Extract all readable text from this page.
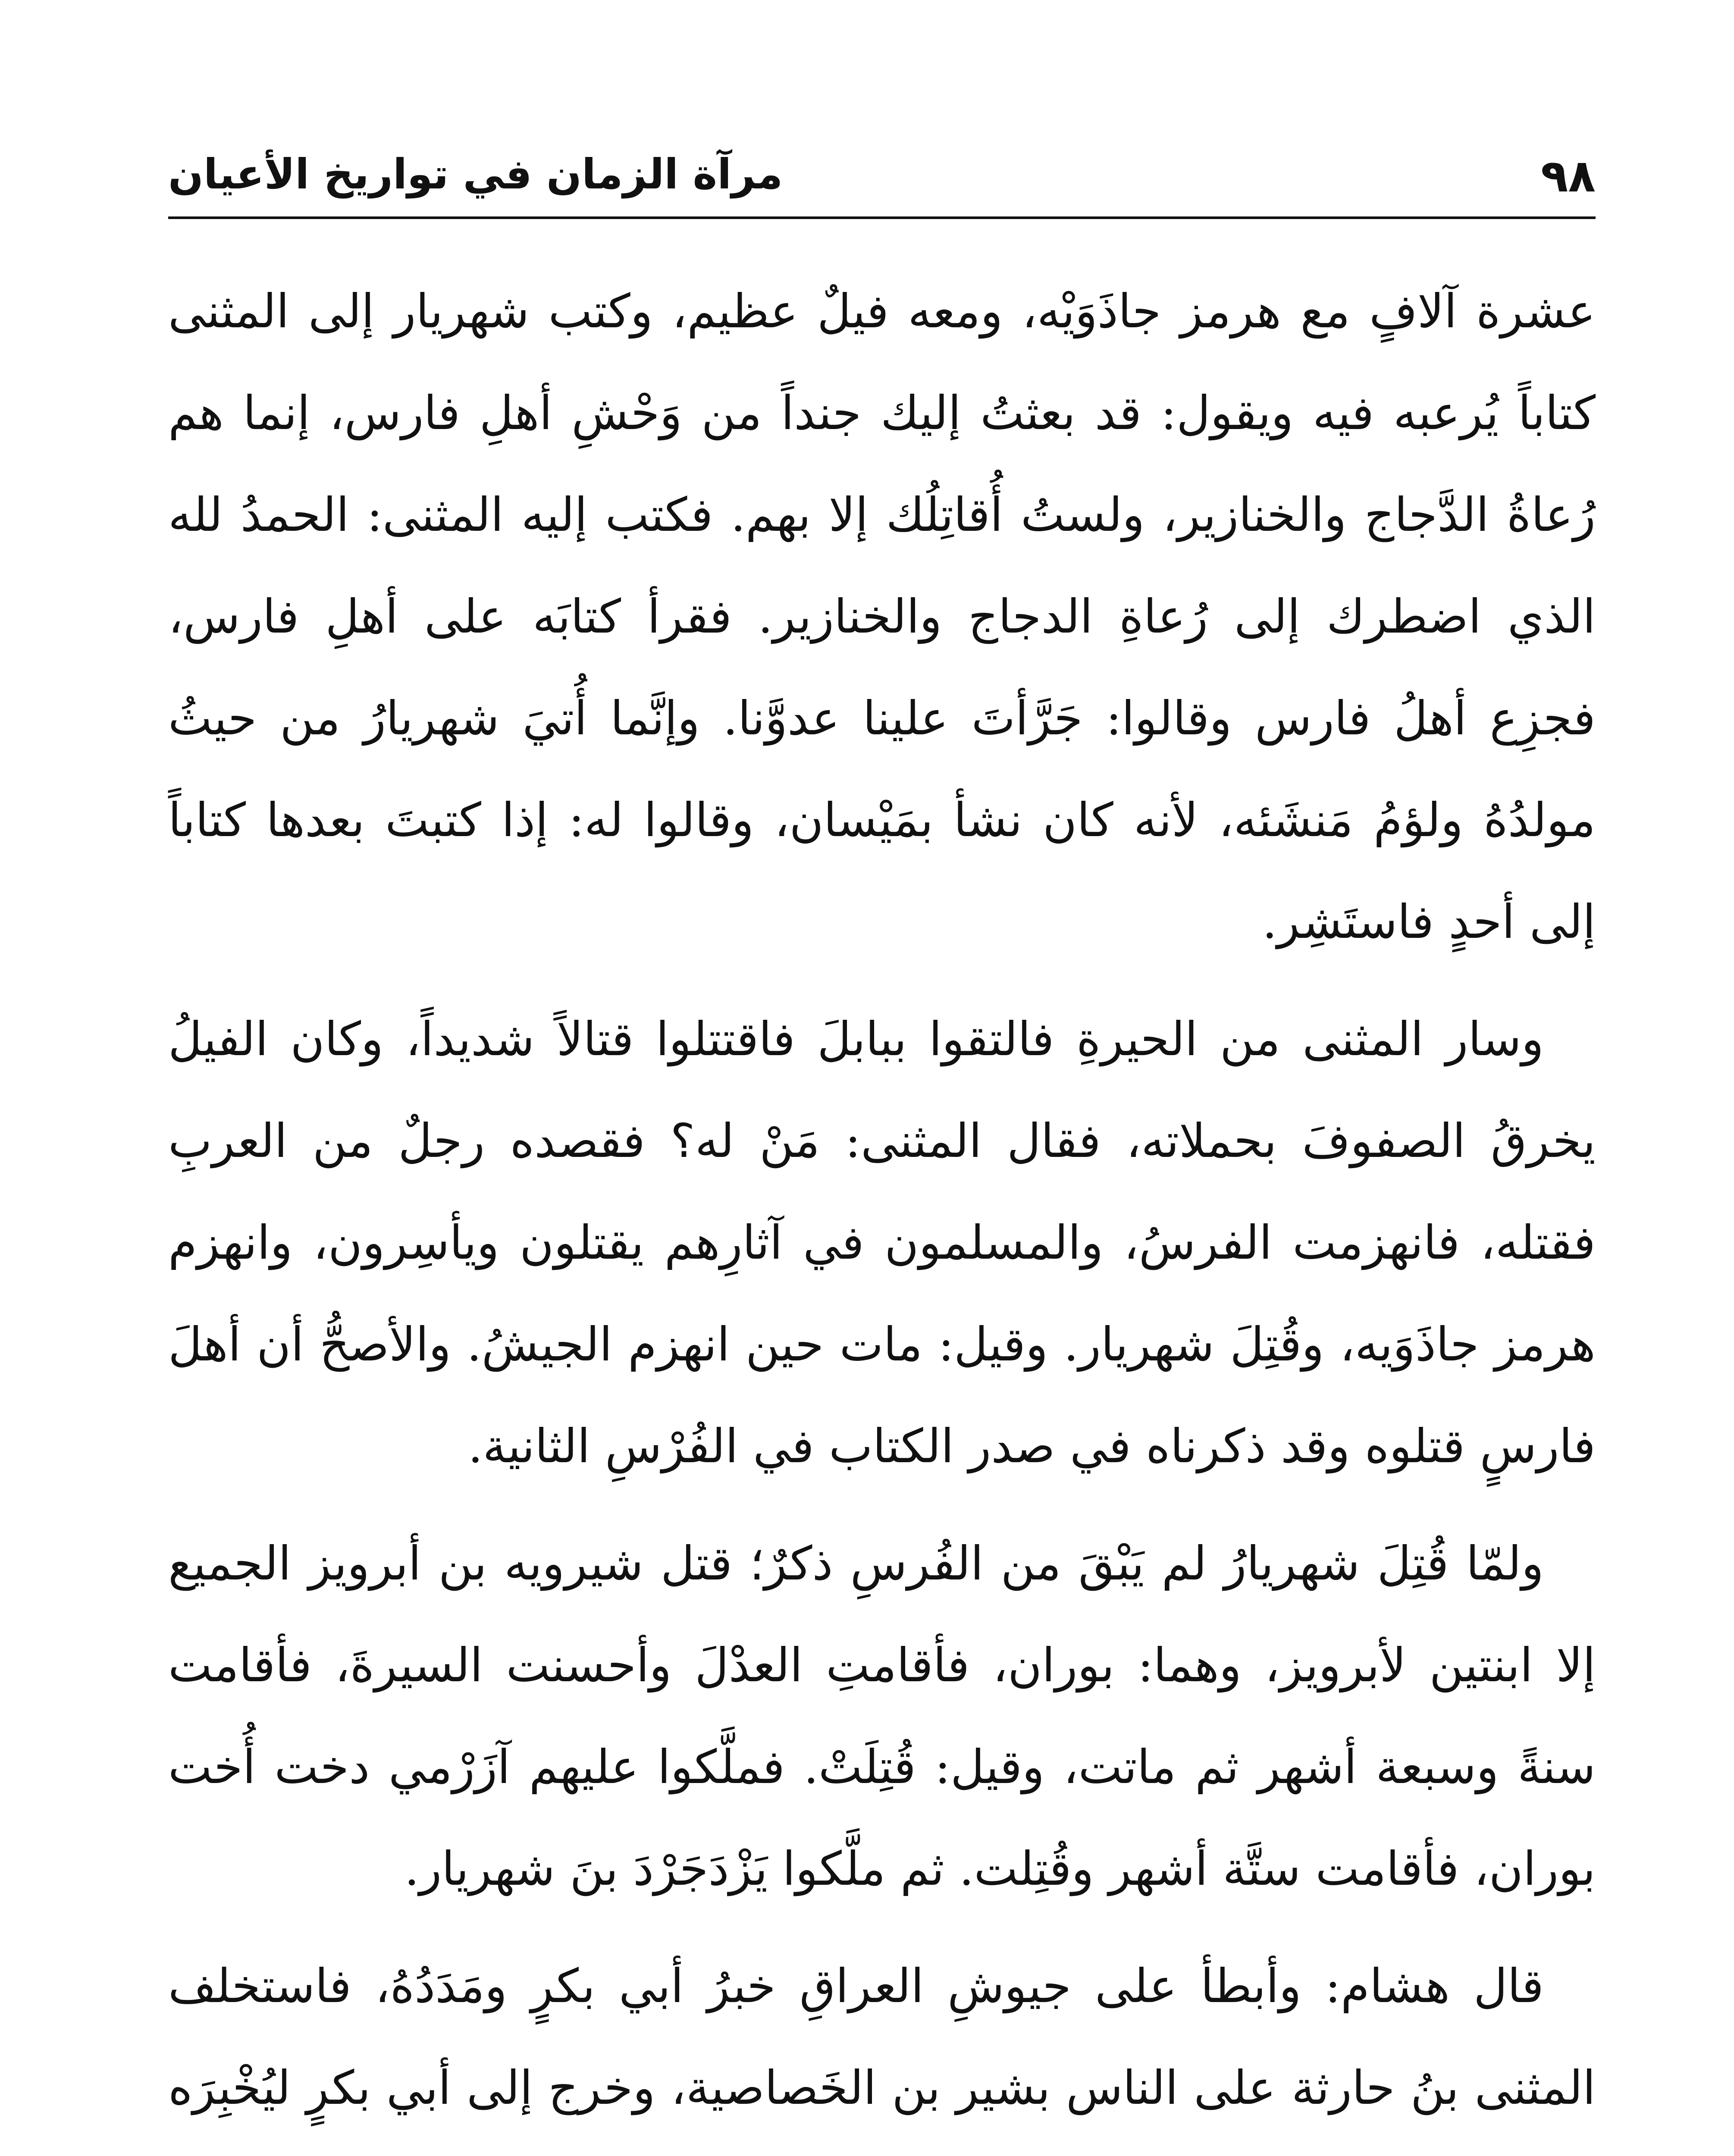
٩٨
مرآة الزمان في تواريخ الأعيان

عشرة آلافٍ مع هرمز جاذَوَيْه، ومعه فيلٌ عظيم، وكتب شهريار إلى المثنى كتاباً يُرعبه فيه ويقول: قد بعثتُ إليك جنداً من وَحْشِ أهلِ فارس، إنما هم رُعاةُ الدَّجاج والخنازير، ولستُ أُقاتِلُك إلا بهم. فكتب إليه المثنى: الحمدُ لله الذي اضطرك إلى رُعاةِ الدجاج والخنازير. فقرأ كتابَه على أهلِ فارس، فجزِع أهلُ فارس وقالوا: جَرَّأتَ علينا عدوَّنا. وإنَّما أُتيَ شهريارُ من حيثُ مولدُهُ ولؤمُ مَنشَئه، لأنه كان نشأ بمَيْسان، وقالوا له: إذا كتبتَ بعدها كتاباً إلى أحدٍ فاستَشِر.

وسار المثنى من الحيرةِ فالتقوا ببابلَ فاقتتلوا قتالاً شديداً، وكان الفيلُ يخرقُ الصفوفَ بحملاته، فقال المثنى: مَنْ له؟ فقصده رجلٌ من العربِ فقتله، فانهزمت الفرسُ، والمسلمون في آثارِهم يقتلون ويأسِرون، وانهزم هرمز جاذَوَيه، وقُتِلَ شهريار. وقيل: مات حين انهزم الجيشُ. والأصحُّ أن أهلَ فارسٍ قتلوه وقد ذكرناه في صدر الكتاب في الفُرْسِ الثانية.

ولمّا قُتِلَ شهريارُ لم يَبْقَ من الفُرسِ ذكرٌ؛ قتل شيرويه بن أبرويز الجميع إلا ابنتين لأبرويز، وهما: بوران، فأقامتِ العدْلَ وأحسنت السيرةَ، فأقامت سنةً وسبعة أشهر ثم ماتت، وقيل: قُتِلَتْ. فملَّكوا عليهم آزَرْمي دخت أُخت بوران، فأقامت ستَّة أشهر وقُتِلت. ثم ملَّكوا يَزْدَجَرْدَ بنَ شهريار.

قال هشام: وأبطأ على جيوشِ العراقِ خبرُ أبي بكرٍ ومَدَدُهُ، فاستخلف المثنى بنُ حارثة على الناس بشير بن الخَصاصية، وخرج إلى أبي بكرٍ ليُخْبِرَه
